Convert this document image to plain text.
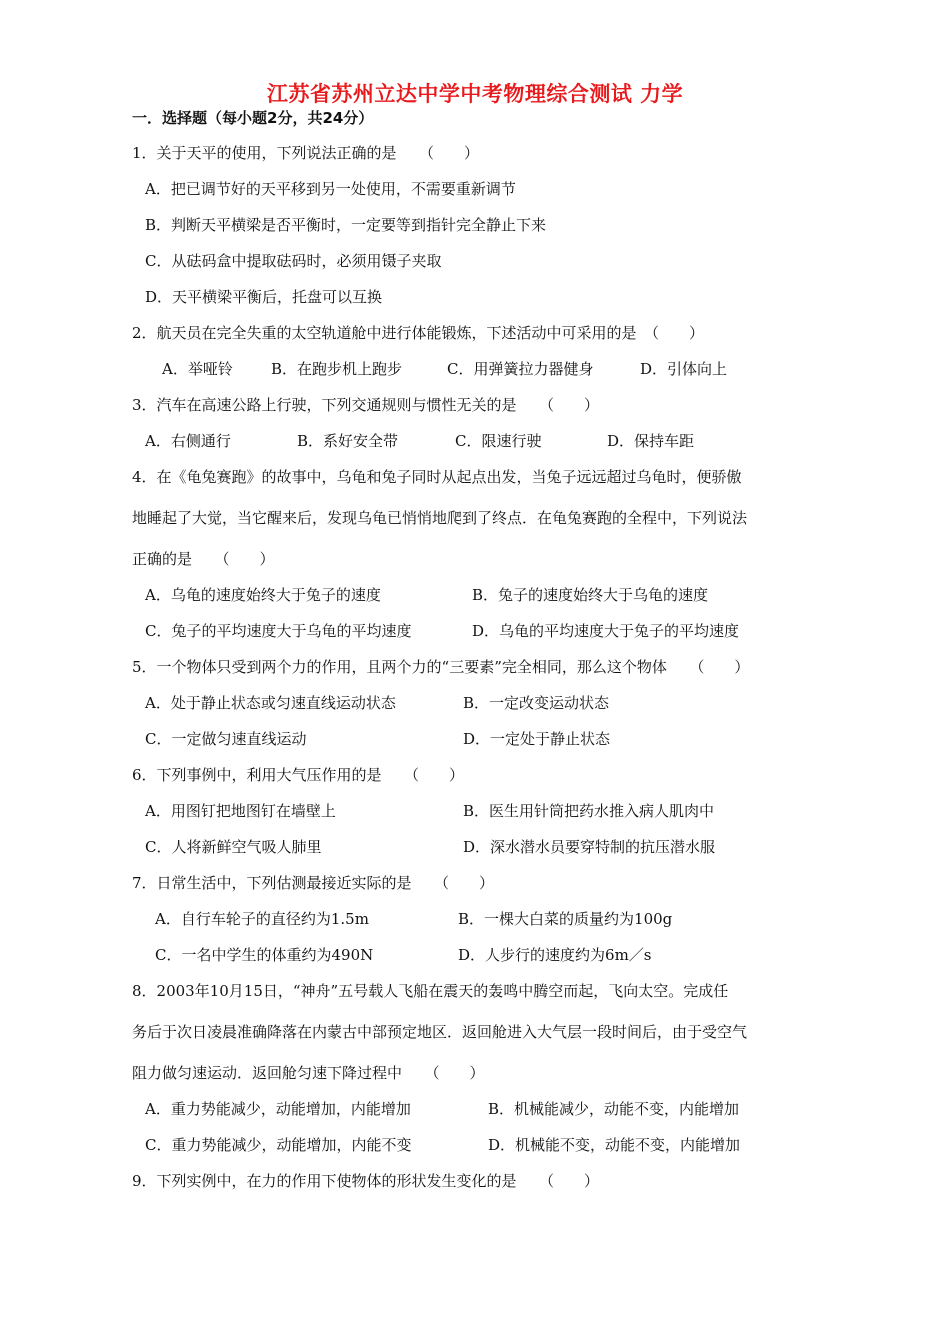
江苏省苏州立达中学中考物理综合测试 力学
一．选择题（每小题2分，共24分）
1．关于天平的使用，下列说法正确的是　　（　　）
A．把已调节好的天平移到另一处使用，不需要重新调节
B．判断天平横梁是否平衡时，一定要等到指针完全静止下来
C．从砝码盒中提取砝码时，必须用镊子夹取
D．天平横梁平衡后，托盘可以互换
2．航天员在完全失重的太空轨道舱中进行体能锻炼，下述活动中可采用的是　（　　）
A．举哑铃	B．在跑步机上跑步	C．用弹簧拉力器健身	D．引体向上
3．汽车在高速公路上行驶，下列交通规则与惯性无关的是　　（　　）
A．右侧通行	B．系好安全带	C．限速行驶	D．保持车距
4．在《龟兔赛跑》的故事中，乌龟和兔子同时从起点出发，当兔子远远超过乌龟时，便骄傲
地睡起了大觉，当它醒来后，发现乌龟已悄悄地爬到了终点．在龟兔赛跑的全程中，下列说法
正确的是　　（　　）
A．乌龟的速度始终大于兔子的速度	B．兔子的速度始终大于乌龟的速度
C．兔子的平均速度大于乌龟的平均速度	D．乌龟的平均速度大于兔子的平均速度
5．一个物体只受到两个力的作用，且两个力的“三要素”完全相同，那么这个物体　　（　　）
A．处于静止状态或匀速直线运动状态	B．一定改变运动状态
C．一定做匀速直线运动	D．一定处于静止状态
6．下列事例中，利用大气压作用的是　　（　　）
A．用图钉把地图钉在墙壁上	B．医生用针筒把药水推入病人肌肉中
C．人将新鲜空气吸人肺里	D．深水潜水员要穿特制的抗压潜水服
7．日常生活中，下列估测最接近实际的是　　（　　）
A．自行车轮子的直径约为1.5m	B．一棵大白菜的质量约为100g
C．一名中学生的体重约为490N	D．人步行的速度约为6m／s
8．2003年10月15日，“神舟”五号载人飞船在震天的轰鸣中腾空而起，飞向太空。完成任
务后于次日凌晨准确降落在内蒙古中部预定地区．返回舱进入大气层一段时间后，由于受空气
阻力做匀速运动．返回舱匀速下降过程中　　（　　）
A．重力势能减少，动能增加，内能增加	B．机械能减少，动能不变，内能增加
C．重力势能减少，动能增加，内能不变	D．机械能不变，动能不变，内能增加
9．下列实例中，在力的作用下使物体的形状发生变化的是　　（　　）
